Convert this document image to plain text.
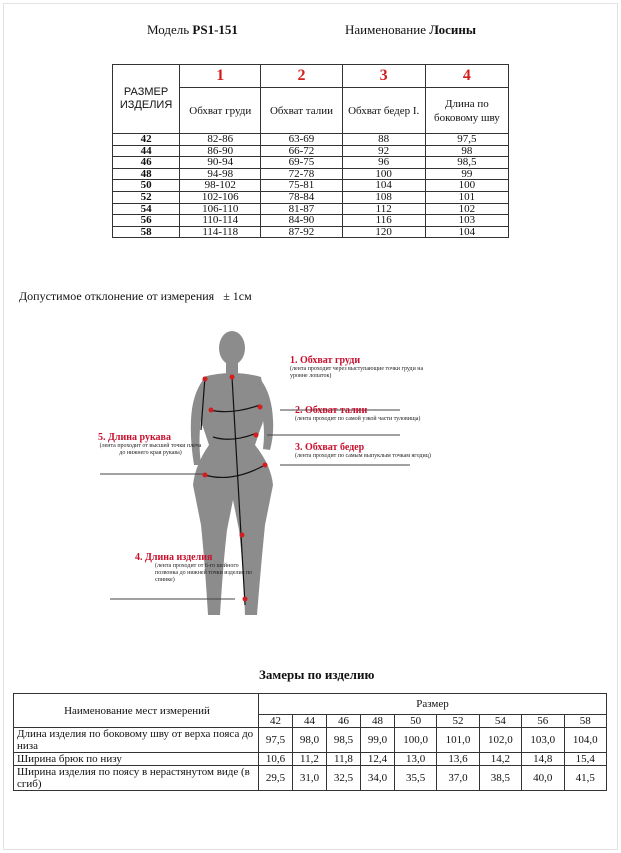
Модель PS1-151	Наименование Лосины
РАЗМЕР ИЗДЕЛИЯ	1	2	3	4
	Обхват груди	Обхват талии	Обхват бедер I.	Длина по боковому шву
42	82-86	63-69	88	97,5
44	86-90	66-72	92	98
46	90-94	69-75	96	98,5
48	94-98	72-78	100	99
50	98-102	75-81	104	100
52	102-106	78-84	108	101
54	106-110	81-87	112	102
56	110-114	84-90	116	103
58	114-118	87-92	120	104
Допустимое отклонение от измерения ± 1см
1. Обхват груди
(лента проходит через выступающие точки груди на уровне лопаток)
2. Обхват талии
(лента проходит по самой узкой части туловища)
3. Обхват бедер
(лента проходит по самым выпуклым точкам ягодиц)
4. Длина изделия
(лента проходит от 6-го шейного позвонка до нижней точки изделия по спинке)
5. Длина рукава
(лента проходит от высшей точки плеча до нижнего края рукава)
Замеры по изделию
Наименование мест измерений	Размер								
	42	44	46	48	50	52	54	56	58
Длина изделия по боковому шву от верха пояса до низа	97,5	98,0	98,5	99,0	100,0	101,0	102,0	103,0	104,0
Ширина брюк по низу	10,6	11,2	11,8	12,4	13,0	13,6	14,2	14,8	15,4
Ширина изделия по поясу в нерастянутом виде (в сгиб)	29,5	31,0	32,5	34,0	35,5	37,0	38,5	40,0	41,5
